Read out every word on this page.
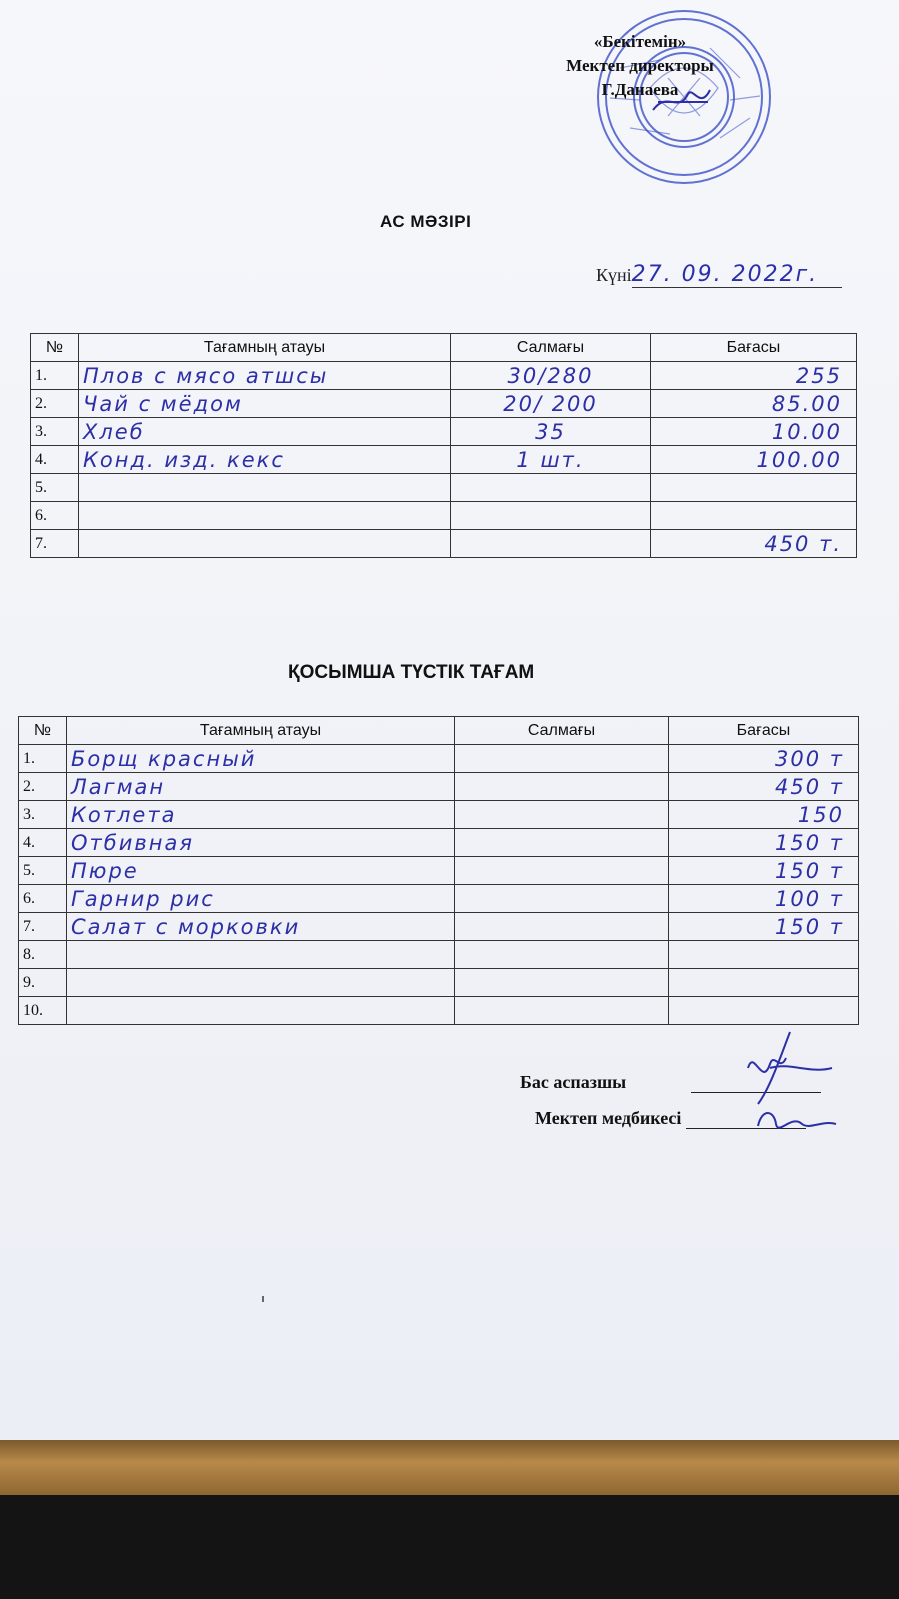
«Бекітемін»
Мектеп директоры
Г.Данаева
АС МӘЗІРІ
Күні27. 09. 2022г.
№	Тағамның атауы	Салмағы	Бағасы
1.	Плов с мясо атшсы	30/280	255
2.	Чай с мёдом	20/ 200	85.00
3.	Хлеб	35	10.00
4.	Конд. изд. кекс	1 шт.	100.00
5.			
6.			
7.			450 т.
ҚОСЫМША ТҮСТІК ТАҒАМ
№	Тағамның атауы	Салмағы	Бағасы
1.	Борщ красный		300 т
2.	Лагман		450 т
3.	Котлета		150
4.	Отбивная		150 т
5.	Пюре		150 т
6.	Гарнир рис		100 т
7.	Салат с морковки		150 т
8.			
9.			
10.			
Бас аспазшы
Мектеп медбикесі
